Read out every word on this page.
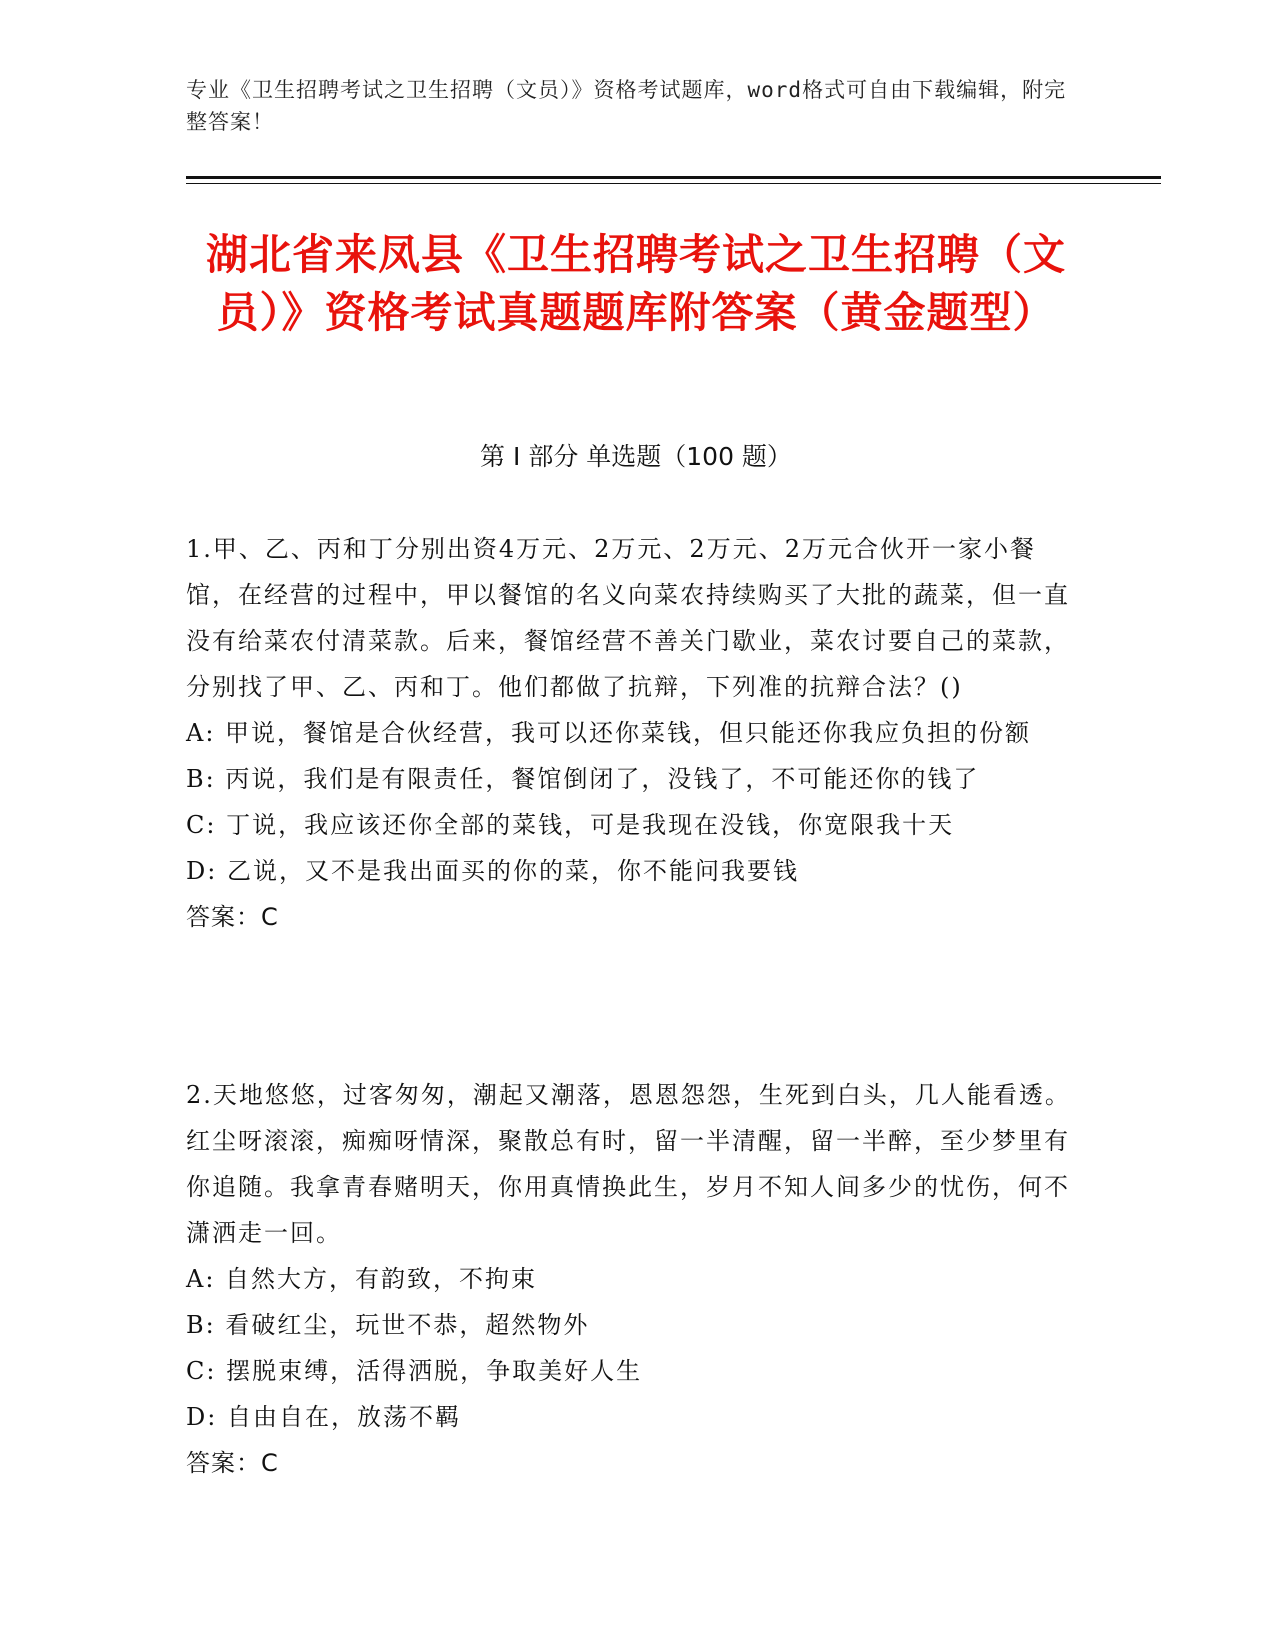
专业《卫生招聘考试之卫生招聘（文员）》资格考试题库，word格式可自由下载编辑，附完整答案！
湖北省来凤县《卫生招聘考试之卫生招聘（文员）》资格考试真题题库附答案（黄金题型）
第 I 部分 单选题（100 题）

1.甲、乙、丙和丁分别出资4万元、2万元、2万元、2万元合伙开一家小餐馆，在经营的过程中，甲以餐馆的名义向菜农持续购买了大批的蔬菜，但一直没有给菜农付清菜款。后来，餐馆经营不善关门歇业，菜农讨要自己的菜款，分别找了甲、乙、丙和丁。他们都做了抗辩，下列准的抗辩合法？()

A: 甲说，餐馆是合伙经营，我可以还你菜钱，但只能还你我应负担的份额

B: 丙说，我们是有限责任，餐馆倒闭了，没钱了，不可能还你的钱了

C: 丁说，我应该还你全部的菜钱，可是我现在没钱，你宽限我十天

D: 乙说，又不是我出面买的你的菜，你不能问我要钱

答案：C

2.天地悠悠，过客匆匆，潮起又潮落，恩恩怨怨，生死到白头，几人能看透。红尘呀滚滚，痴痴呀情深，聚散总有时，留一半清醒，留一半醉，至少梦里有你追随。我拿青春赌明天，你用真情换此生，岁月不知人间多少的忧伤，何不潇洒走一回。

A: 自然大方，有韵致，不拘束

B: 看破红尘，玩世不恭，超然物外

C: 摆脱束缚，活得洒脱，争取美好人生

D: 自由自在，放荡不羁

答案：C
